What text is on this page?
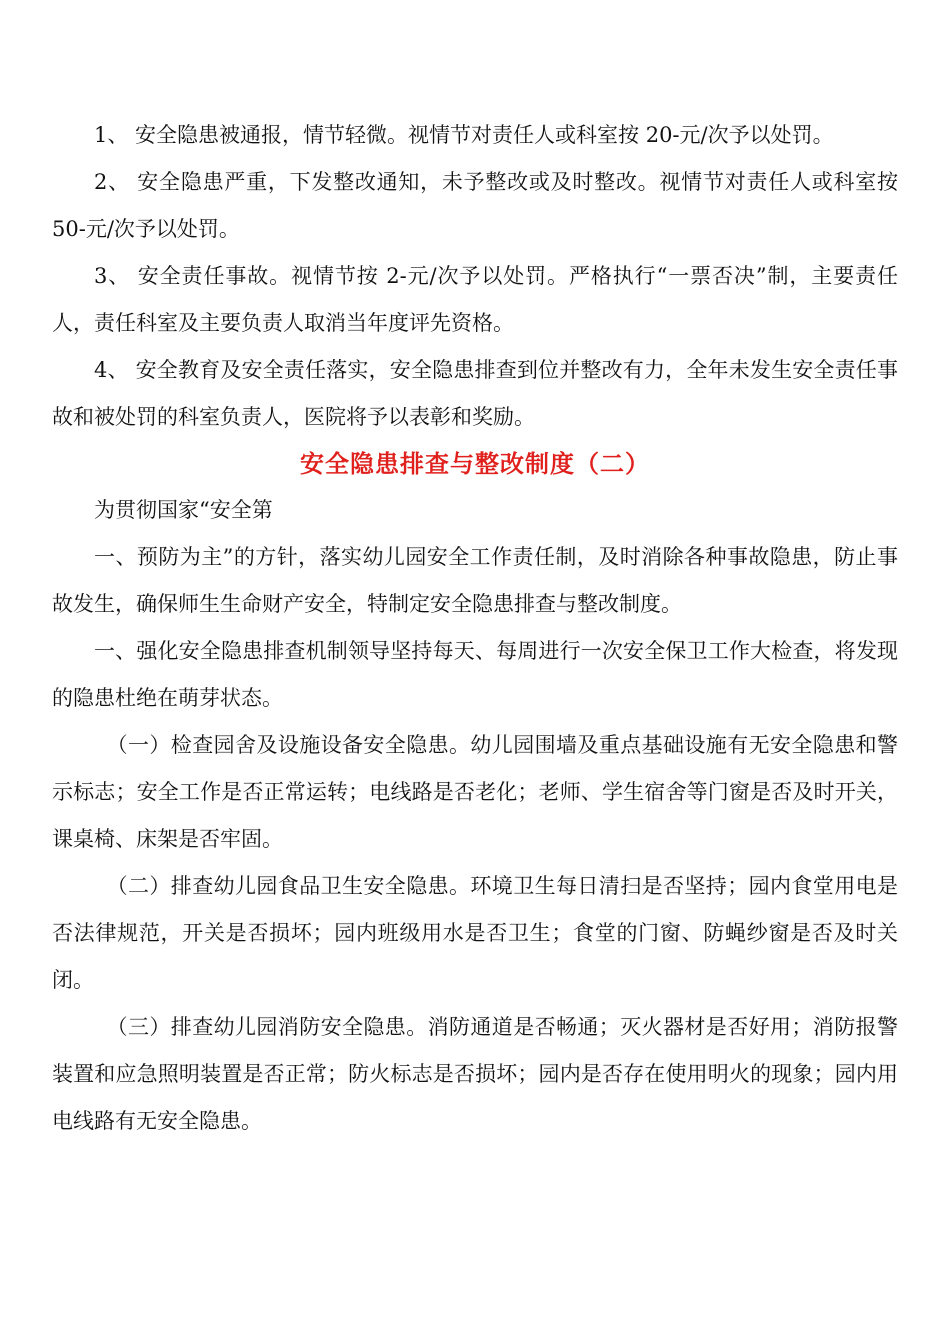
1、 安全隐患被通报，情节轻微。视情节对责任人或科室按 20-元/次予以处罚。

2、 安全隐患严重，下发整改通知，未予整改或及时整改。视情节对责任人或科室按50-元/次予以处罚。

3、 安全责任事故。视情节按 2-元/次予以处罚。严格执行“一票否决”制，主要责任人，责任科室及主要负责人取消当年度评先资格。

4、 安全教育及安全责任落实，安全隐患排查到位并整改有力，全年未发生安全责任事故和被处罚的科室负责人，医院将予以表彰和奖励。

安全隐患排查与整改制度（二）

为贯彻国家“安全第

一、预防为主”的方针，落实幼儿园安全工作责任制，及时消除各种事故隐患，防止事故发生，确保师生生命财产安全，特制定安全隐患排查与整改制度。

一、强化安全隐患排查机制领导坚持每天、每周进行一次安全保卫工作大检查，将发现的隐患杜绝在萌芽状态。

（一）检查园舍及设施设备安全隐患。幼儿园围墙及重点基础设施有无安全隐患和警示标志；安全工作是否正常运转；电线路是否老化；老师、学生宿舍等门窗是否及时开关，课桌椅、床架是否牢固。

（二）排查幼儿园食品卫生安全隐患。环境卫生每日清扫是否坚持；园内食堂用电是否法律规范，开关是否损坏；园内班级用水是否卫生；食堂的门窗、防蝇纱窗是否及时关闭。

（三）排查幼儿园消防安全隐患。消防通道是否畅通；灭火器材是否好用；消防报警装置和应急照明装置是否正常；防火标志是否损坏；园内是否存在使用明火的现象；园内用电线路有无安全隐患。
